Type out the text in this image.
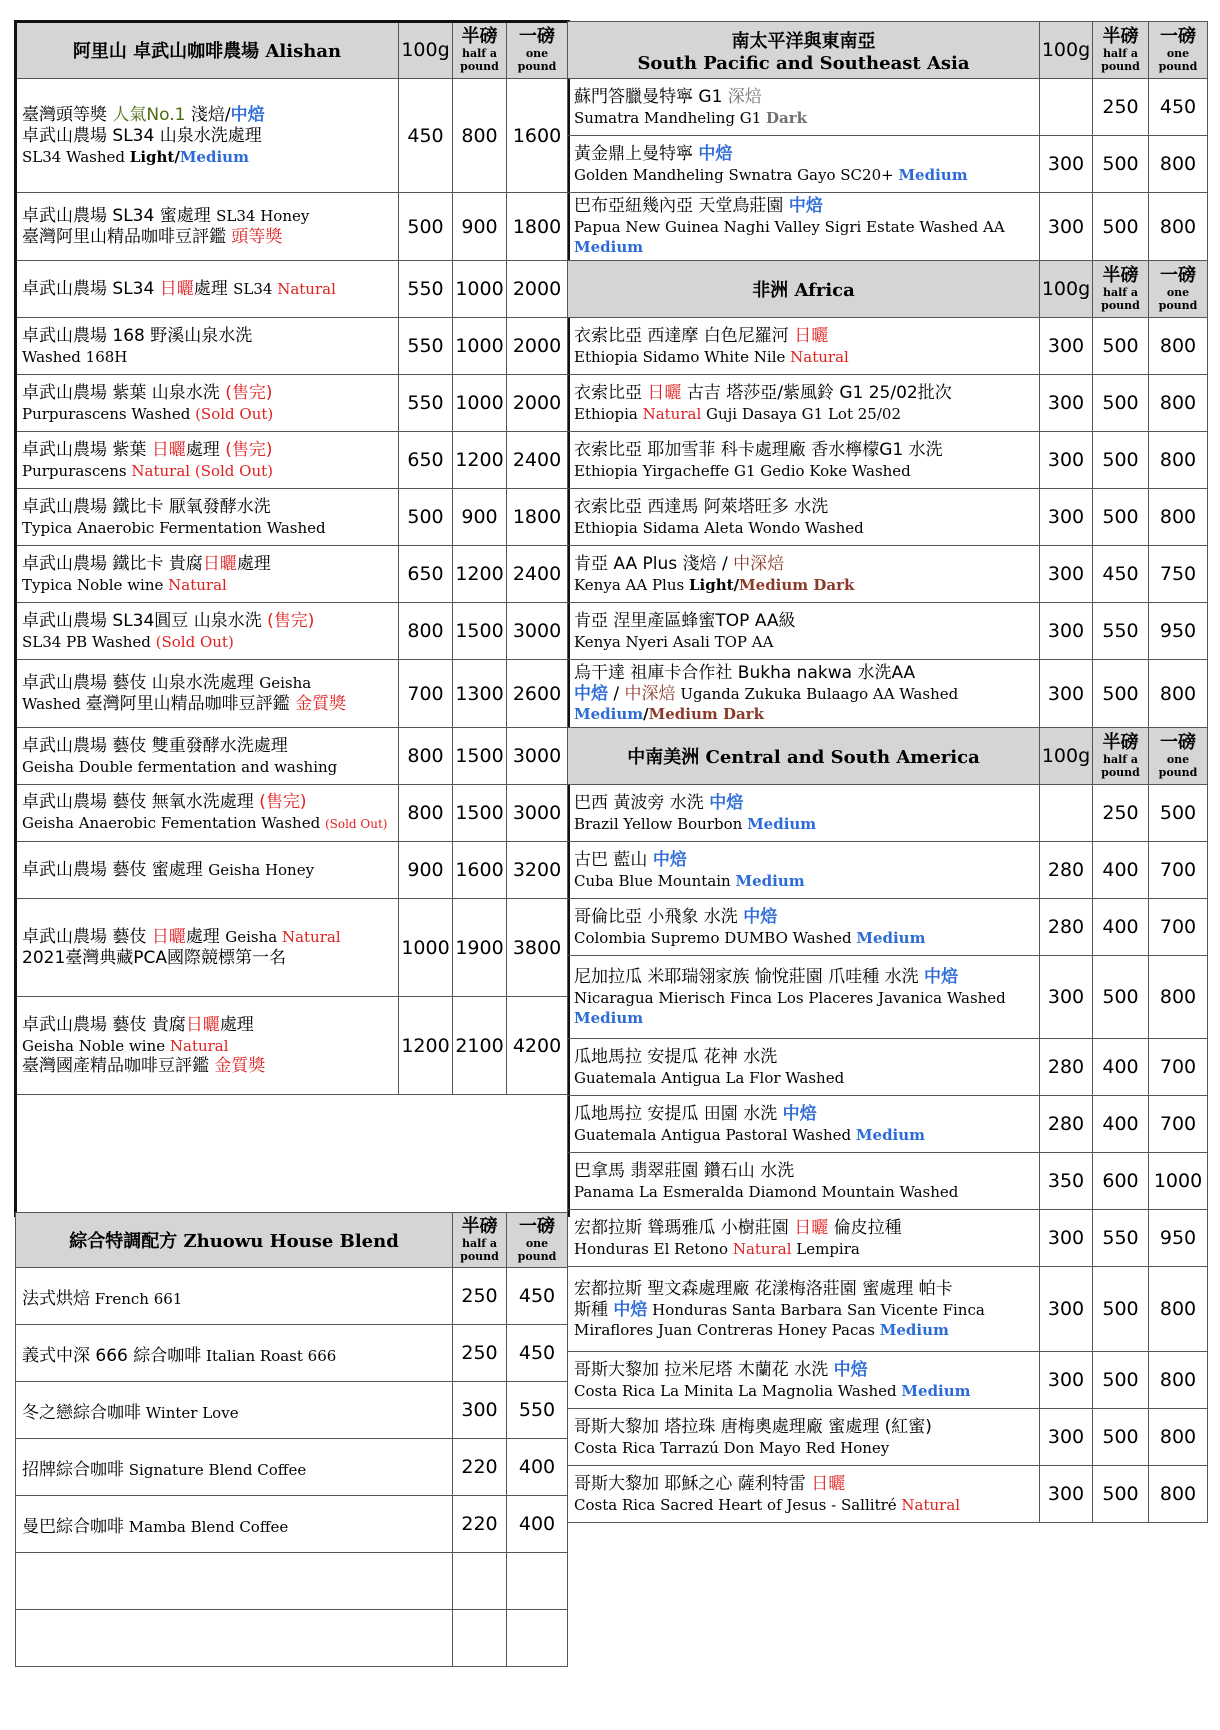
阿里山 卓武山咖啡農場 Alishan	100g	半磅
half a pound	一磅
one pound

臺灣頭等獎 人氣No.1 淺焙/中焙
卓武山農場 SL34 山泉水洗處理
SL34 Washed Light/Medium	450	800	1600

卓武山農場 SL34 蜜處理 SL34 Honey
臺灣阿里山精品咖啡豆評鑑 頭等獎	500	900	1800

卓武山農場 SL34 日曬處理 SL34 Natural	550	1000	2000

卓武山農場 168 野溪山泉水洗
Washed 168H	550	1000	2000

卓武山農場 紫葉 山泉水洗 (售完)
Purpurascens Washed (Sold Out)	550	1000	2000

卓武山農場 紫葉 日曬處理 (售完)
Purpurascens Natural (Sold Out)	650	1200	2400

卓武山農場 鐵比卡 厭氧發酵水洗
Typica Anaerobic Fermentation Washed	500	900	1800

卓武山農場 鐵比卡 貴腐日曬處理
Typica Noble wine Natural	650	1200	2400

卓武山農場 SL34圓豆 山泉水洗 (售完)
SL34 PB Washed (Sold Out)	800	1500	3000

卓武山農場 藝伎 山泉水洗處理 Geisha
Washed 臺灣阿里山精品咖啡豆評鑑 金質獎	700	1300	2600

卓武山農場 藝伎 雙重發酵水洗處理
Geisha Double fermentation and washing	800	1500	3000

卓武山農場 藝伎 無氧水洗處理 (售完)
Geisha Anaerobic Fementation Washed (Sold Out)	800	1500	3000

卓武山農場 藝伎 蜜處理 Geisha Honey	900	1600	3200

卓武山農場 藝伎 日曬處理 Geisha Natural
2021臺灣典藏PCA國際競標第一名	1000	1900	3800

卓武山農場 藝伎 貴腐日曬處理
Geisha Noble wine Natural
臺灣國產精品咖啡豆評鑑 金質獎	1200	2100	4200
綜合特調配方 Zhuowu House Blend	半磅
half a pound	一磅
one pound

法式烘焙 French 661	250	450
義式中深 666 綜合咖啡 Italian Roast 666	250	450
冬之戀綜合咖啡 Winter Love	300	550
招牌綜合咖啡 Signature Blend Coffee	220	400
曼巴綜合咖啡 Mamba Blend Coffee	220	400

南太平洋與東南亞
South Pacific and Southeast Asia	100g	半磅
half a pound	一磅
one pound

蘇門答臘曼特寧 G1 深焙
Sumatra Mandheling G1 Dark		250	450

黃金鼎上曼特寧 中焙
Golden Mandheling Swnatra Gayo SC20+ Medium	300	500	800

巴布亞紐幾內亞 天堂鳥莊園 中焙
Papua New Guinea Naghi Valley Sigri Estate Washed AA
Medium	300	500	800
非洲 Africa	100g	半磅
half a pound	一磅
one pound

衣索比亞 西達摩 白色尼羅河 日曬
Ethiopia Sidamo White Nile Natural	300	500	800

衣索比亞 日曬 古吉 塔莎亞/紫風鈴 G1 25/02批次
Ethiopia Natural Guji Dasaya G1 Lot 25/02	300	500	800

衣索比亞 耶加雪菲 科卡處理廠 香水檸檬G1 水洗
Ethiopia Yirgacheffe G1 Gedio Koke Washed	300	500	800

衣索比亞 西達馬 阿萊塔旺多 水洗
Ethiopia Sidama Aleta Wondo Washed	300	500	800

肯亞 AA Plus 淺焙 / 中深焙
Kenya AA Plus Light/Medium Dark	300	450	750

肯亞 涅里產區蜂蜜TOP AA級
Kenya Nyeri Asali TOP AA	300	550	950

烏干達 祖庫卡合作社 Bukha nakwa 水洗AA
中焙 / 中深焙 Uganda Zukuka Bulaago AA Washed
Medium/Medium Dark	300	500	800
中南美洲 Central and South America	100g	半磅
half a pound	一磅
one pound

巴西 黃波旁 水洗 中焙
Brazil Yellow Bourbon Medium		250	500

古巴 藍山 中焙
Cuba Blue Mountain Medium	280	400	700

哥倫比亞 小飛象 水洗 中焙
Colombia Supremo DUMBO Washed Medium	280	400	700

尼加拉瓜 米耶瑞翎家族 愉悅莊園 爪哇種 水洗 中焙
Nicaragua Mierisch Finca Los Placeres Javanica Washed
Medium	300	500	800

瓜地馬拉 安提瓜 花神 水洗
Guatemala Antigua La Flor Washed	280	400	700

瓜地馬拉 安提瓜 田園 水洗 中焙
Guatemala Antigua Pastoral Washed Medium	280	400	700

巴拿馬 翡翠莊園 鑽石山 水洗
Panama La Esmeralda Diamond Mountain Washed	350	600	1000

宏都拉斯 聳瑪雅瓜 小樹莊園 日曬 倫皮拉種
Honduras El Retono Natural Lempira	300	550	950

宏都拉斯 聖文森處理廠 花漾梅洛莊園 蜜處理 帕卡
斯種 中焙 Honduras Santa Barbara San Vicente Finca
Miraflores Juan Contreras Honey Pacas Medium	300	500	800

哥斯大黎加 拉米尼塔 木蘭花 水洗 中焙
Costa Rica La Minita La Magnolia Washed Medium	300	500	800

哥斯大黎加 塔拉珠 唐梅奧處理廠 蜜處理 (紅蜜)
Costa Rica Tarrazú Don Mayo Red Honey	300	500	800

哥斯大黎加 耶穌之心 薩利特雷 日曬
Costa Rica Sacred Heart of Jesus - Sallitré Natural	300	500	800
